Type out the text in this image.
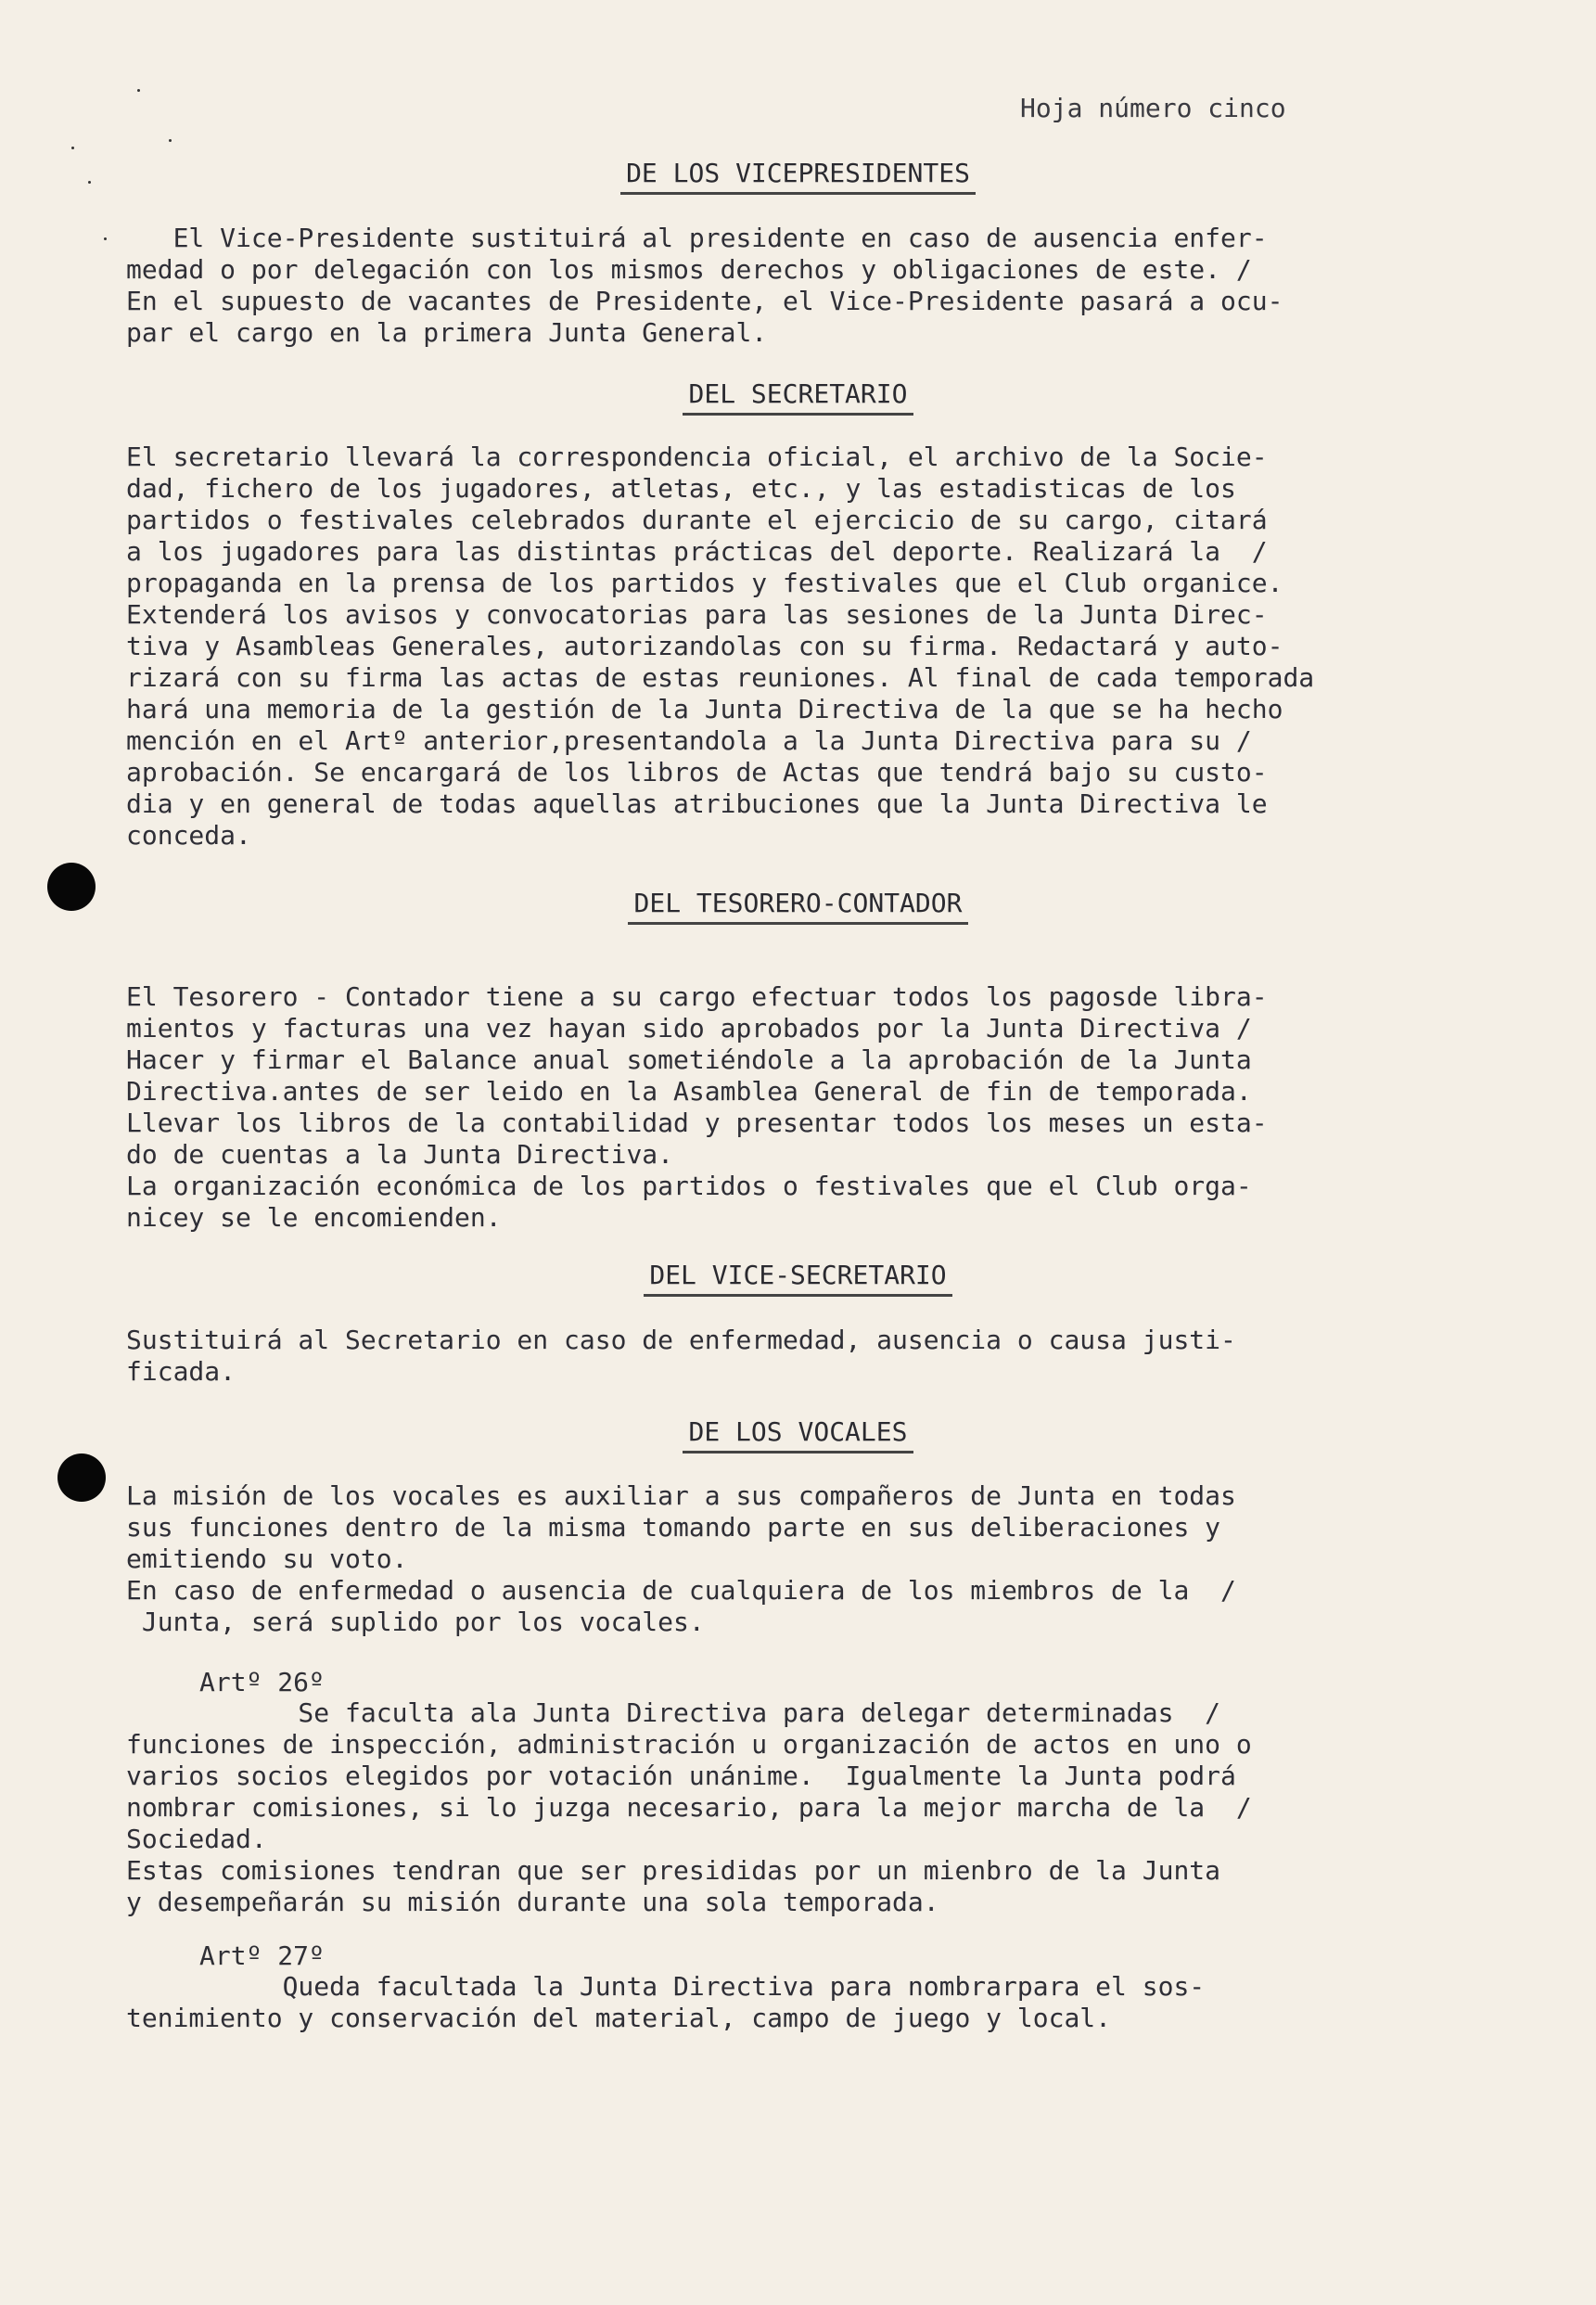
Hoja número cinco
DE LOS VICEPRESIDENTES

El Vice-Presidente sustituirá al presidente en caso de ausencia enfer-
medad o por delegación con los mismos derechos y obligaciones de este. /
En el supuesto de vacantes de Presidente, el Vice-Presidente pasará a ocu-
par el cargo en la primera Junta General.

DEL SECRETARIO

El secretario llevará la correspondencia oficial, el archivo de la Socie-
dad, fichero de los jugadores, atletas, etc., y las estadisticas de los
partidos o festivales celebrados durante el ejercicio de su cargo, citará
a los jugadores para las distintas prácticas del deporte. Realizará la  /
propaganda en la prensa de los partidos y festivales que el Club organice.
Extenderá los avisos y convocatorias para las sesiones de la Junta Direc-
tiva y Asambleas Generales, autorizandolas con su firma. Redactará y auto-
rizará con su firma las actas de estas reuniones. Al final de cada temporada
hará una memoria de la gestión de la Junta Directiva de la que se ha hecho
mención en el Artº anterior,presentandola a la Junta Directiva para su /
aprobación. Se encargará de los libros de Actas que tendrá bajo su custo-
dia y en general de todas aquellas atribuciones que la Junta Directiva le
conceda.

DEL TESORERO-CONTADOR

El Tesorero - Contador tiene a su cargo efectuar todos los pagosde libra-
mientos y facturas una vez hayan sido aprobados por la Junta Directiva /
Hacer y firmar el Balance anual sometiéndole a la aprobación de la Junta
Directiva.antes de ser leido en la Asamblea General de fin de temporada.
Llevar los libros de la contabilidad y presentar todos los meses un esta-
do de cuentas a la Junta Directiva.
La organización económica de los partidos o festivales que el Club orga-
nicey se le encomienden.

DEL VICE-SECRETARIO

Sustituirá al Secretario en caso de enfermedad, ausencia o causa justi-
ficada.

DE LOS VOCALES

La misión de los vocales es auxiliar a sus compañeros de Junta en todas
sus funciones dentro de la misma tomando parte en sus deliberaciones y
emitiendo su voto.
En caso de enfermedad o ausencia de cualquiera de los miembros de la  /
Junta, será suplido por los vocales.

Artº 26º

Se faculta ala Junta Directiva para delegar determinadas  /
funciones de inspección, administración u organización de actos en uno o
varios socios elegidos por votación unánime.  Igualmente la Junta podrá
nombrar comisiones, si lo juzga necesario, para la mejor marcha de la  /
Sociedad.
Estas comisiones tendran que ser presididas por un mienbro de la Junta
y desempeñarán su misión durante una sola temporada.

Artº 27º

Queda facultada la Junta Directiva para nombrarpara el sos-
tenimiento y conservación del material, campo de juego y local.
